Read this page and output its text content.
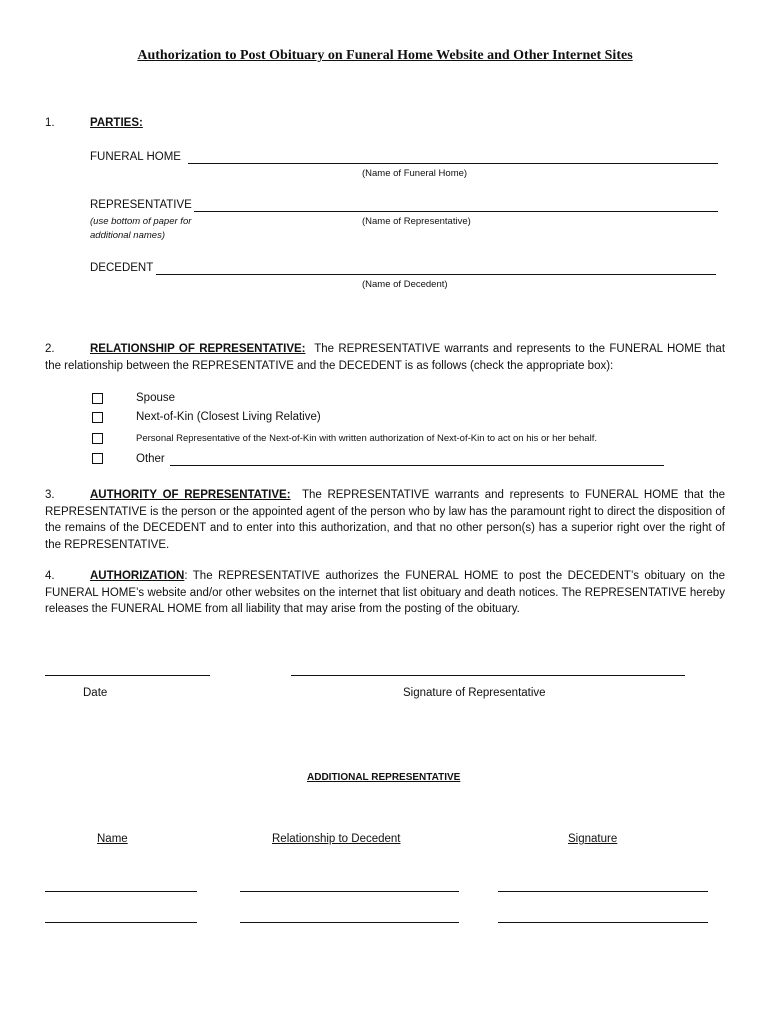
Authorization to Post Obituary on Funeral Home Website and Other Internet Sites
1.	PARTIES:
FUNERAL HOME
(Name of Funeral Home)
REPRESENTATIVE
(use bottom of paper for additional names)
(Name of Representative)
DECEDENT
(Name of Decedent)
2.	RELATIONSHIP OF REPRESENTATIVE: The REPRESENTATIVE warrants and represents to the FUNERAL HOME that the relationship between the REPRESENTATIVE and the DECEDENT is as follows (check the appropriate box):
Spouse
Next-of-Kin (Closest Living Relative)
Personal Representative of the Next-of-Kin with written authorization of Next-of-Kin to act on his or her behalf.
Other
3.	AUTHORITY OF REPRESENTATIVE: The REPRESENTATIVE warrants and represents to FUNERAL HOME that the REPRESENTATIVE is the person or the appointed agent of the person who by law has the paramount right to direct the disposition of the remains of the DECEDENT and to enter into this authorization, and that no other person(s) has a superior right over the right of the REPRESENTATIVE.
4.	AUTHORIZATION: The REPRESENTATIVE authorizes the FUNERAL HOME to post the DECEDENT’s obituary on the FUNERAL HOME’s website and/or other websites on the internet that list obituary and death notices. The REPRESENTATIVE hereby releases the FUNERAL HOME from all liability that may arise from the posting of the obituary.
Date	Signature of Representative
ADDITIONAL REPRESENTATIVE
Name	Relationship to Decedent	Signature
